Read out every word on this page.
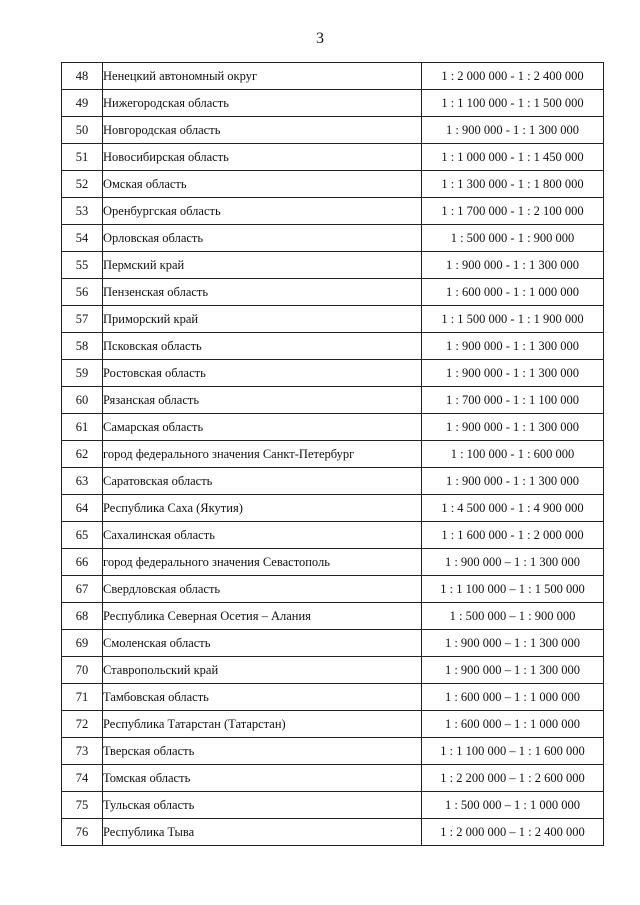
3
48	Ненецкий автономный округ	1 : 2 000 000 - 1 : 2 400 000
49	Нижегородская область	1 : 1 100 000 - 1 : 1 500 000
50	Новгородская область	1 : 900 000 - 1 : 1 300 000
51	Новосибирская область	1 : 1 000 000 - 1 : 1 450 000
52	Омская область	1 : 1 300 000 - 1 : 1 800 000
53	Оренбургская область	1 : 1 700 000 - 1 : 2 100 000
54	Орловская область	1 : 500 000 - 1 : 900 000
55	Пермский край	1 : 900 000 - 1 : 1 300 000
56	Пензенская область	1 : 600 000 - 1 : 1 000 000
57	Приморский край	1 : 1 500 000 - 1 : 1 900 000
58	Псковская область	1 : 900 000 - 1 : 1 300 000
59	Ростовская область	1 : 900 000 - 1 : 1 300 000
60	Рязанская область	1 : 700 000 - 1 : 1 100 000
61	Самарская область	1 : 900 000 - 1 : 1 300 000
62	город федерального значения Санкт-Петербург	1 : 100 000 - 1 : 600 000
63	Саратовская область	1 : 900 000 - 1 : 1 300 000
64	Республика Саха (Якутия)	1 : 4 500 000 - 1 : 4 900 000
65	Сахалинская область	1 : 1 600 000 - 1 : 2 000 000
66	город федерального значения Севастополь	1 : 900 000 – 1 : 1 300 000
67	Свердловская область	1 : 1 100 000 – 1 : 1 500 000
68	Республика Северная Осетия – Алания	1 : 500 000 – 1 : 900 000
69	Смоленская область	1 : 900 000 – 1 : 1 300 000
70	Ставропольский край	1 : 900 000 – 1 : 1 300 000
71	Тамбовская область	1 : 600 000 – 1 : 1 000 000
72	Республика Татарстан (Татарстан)	1 : 600 000 – 1 : 1 000 000
73	Тверская область	1 : 1 100 000 – 1 : 1 600 000
74	Томская область	1 : 2 200 000 – 1 : 2 600 000
75	Тульская область	1 : 500 000 – 1 : 1 000 000
76	Республика Тыва	1 : 2 000 000 – 1 : 2 400 000
